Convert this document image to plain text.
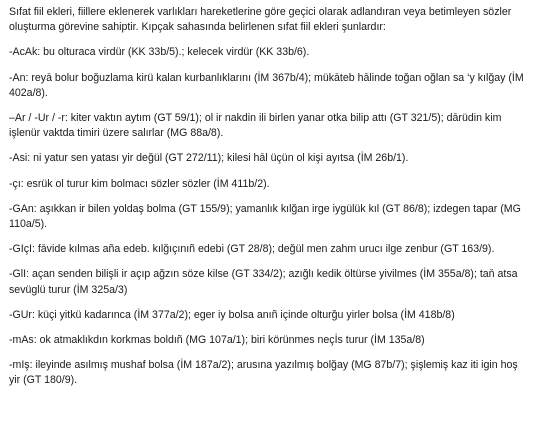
Sıfat fiil ekleri, fiillere eklenerek varlıkları hareketlerine göre geçici olarak adlandıran veya betimleyen sözler oluşturma görevine sahiptir. Kıpçak sahasında belirlenen sıfat fiil ekleri şunlardır:

-AcAk: bu olturaca virdür (KK 33b/5).; kelecek virdür (KK 33b/6).

-An: reyā bolur boğuzlama kirü kalan kurbanlıklarını (İM 367b/4); mükāteb hālinde toğan oğlan sa ‘y kılğay (İM 402a/8).

–Ar / -Ur / -r: kiter vaktın aytım (GT 59/1); ol ir nakdin ili birlen yanar otka bilip attı (GT 321/5); dārüdin kim işlenür vaktda timiri üzere salırlar (MG 88a/8).

-Asi: ni yatur sen yatası yir değül (GT 272/11); kilesi hāl üçün ol kişi ayıtsa (İM 26b/1).

-çı: esrük ol turur kim bolmacı sözler sözler (İM 411b/2).

-GAn: aşıkkan ir bilen yoldaş bolma (GT 155/9); yamanlık kılğan irge iygülük kıl (GT 86/8); izdegen tapar (MG 110a/5).

-GIçI: fāvide kılmas aña edeb. kılğıçınıñ edebi (GT 28/8); değül men zahm urucı ilge zenbur (GT 163/9).

-GlI: açan senden bilişli ir açıp ağzın söze kilse (GT 334/2); azığlı kedik öltürse yivilmes (İM 355a/8); taň atsa sevüglü turur (İM 325a/3)

-GUr: küçi yitkü kadarınca (İM 377a/2); eger iy bolsa anıñ içinde olturğu yirler bolsa (İM 418b/8)

-mAs: ok atmaklıkdın korkmas boldıñ (MG 107a/1); biri körünmes neçİs turur (İM 135a/8)

-mIş: ileyinde asılmış mushaf bolsa (İM 187a/2); arusına yazılmış bolğay (MG 87b/7); şişlemiş kaz iti igin hoş yir (GT 180/9).
